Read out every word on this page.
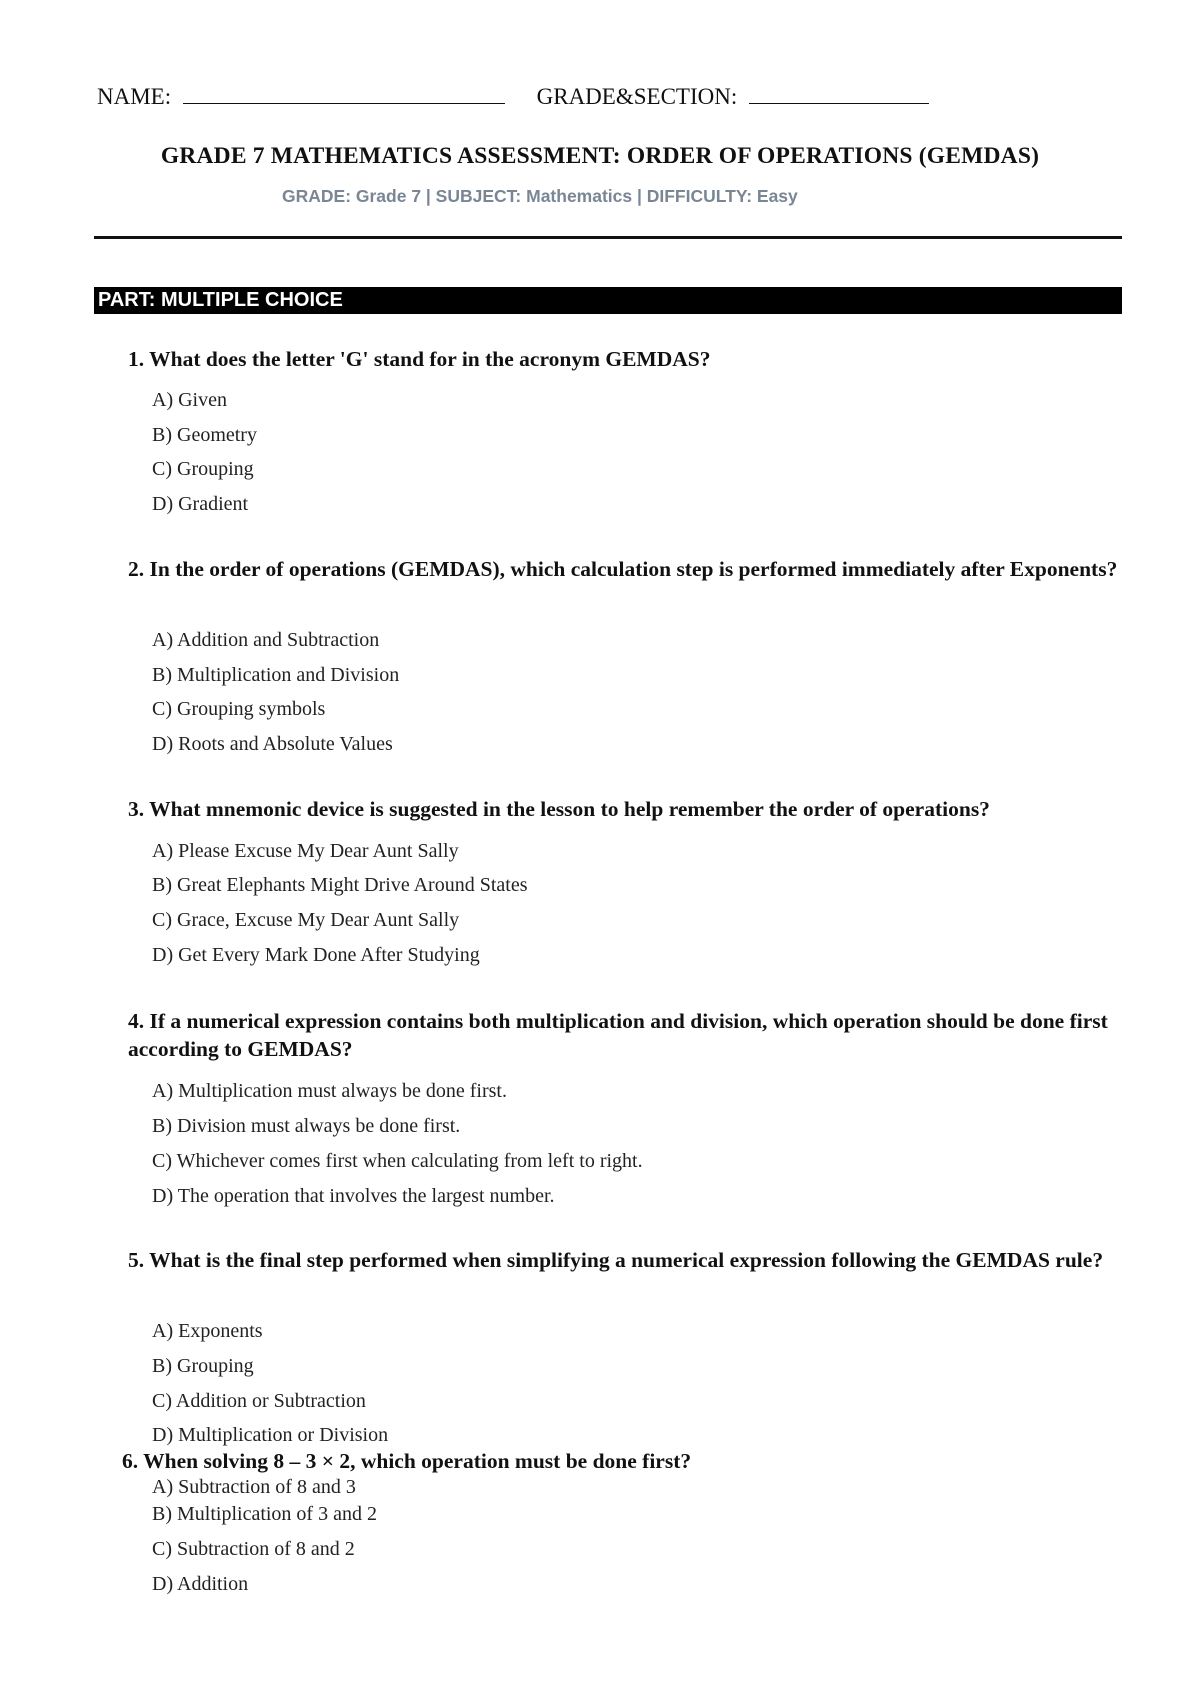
NAME:	GRADE&SECTION:
GRADE 7 MATHEMATICS ASSESSMENT: ORDER OF OPERATIONS (GEMDAS)
GRADE: Grade 7 | SUBJECT: Mathematics | DIFFICULTY: Easy
PART: MULTIPLE CHOICE
1. What does the letter 'G' stand for in the acronym GEMDAS?
A) Given
B) Geometry
C) Grouping
D) Gradient
2. In the order of operations (GEMDAS), which calculation step is performed immediately after Exponents?
A) Addition and Subtraction
B) Multiplication and Division
C) Grouping symbols
D) Roots and Absolute Values
3. What mnemonic device is suggested in the lesson to help remember the order of operations?
A) Please Excuse My Dear Aunt Sally
B) Great Elephants Might Drive Around States
C) Grace, Excuse My Dear Aunt Sally
D) Get Every Mark Done After Studying
4. If a numerical expression contains both multiplication and division, which operation should be done first according to GEMDAS?
A) Multiplication must always be done first.
B) Division must always be done first.
C) Whichever comes first when calculating from left to right.
D) The operation that involves the largest number.
5. What is the final step performed when simplifying a numerical expression following the GEMDAS rule?
A) Exponents
B) Grouping
C) Addition or Subtraction
D) Multiplication or Division
6. When solving 8 – 3 × 2, which operation must be done first?
A) Subtraction of 8 and 3
B) Multiplication of 3 and 2
C) Subtraction of 8 and 2
D) Addition
